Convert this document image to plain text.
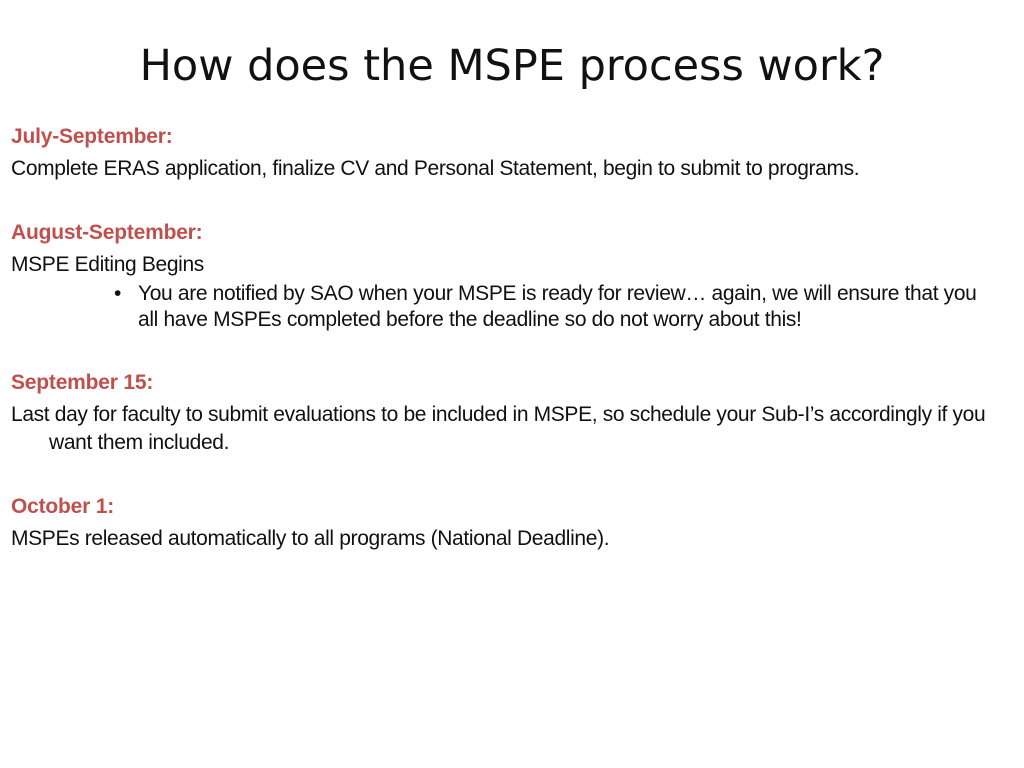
How does the MSPE process work?

July-September:

Complete ERAS application, finalize CV and Personal Statement, begin to submit to programs.

August-September:

MSPE Editing Begins

• You are notified by SAO when your MSPE is ready for review… again, we will ensure that you all have MSPEs completed before the deadline so do not worry about this!

September 15:

Last day for faculty to submit evaluations to be included in MSPE, so schedule your Sub-I’s accordingly if you want them included.

October 1:

MSPEs released automatically to all programs (National Deadline).
